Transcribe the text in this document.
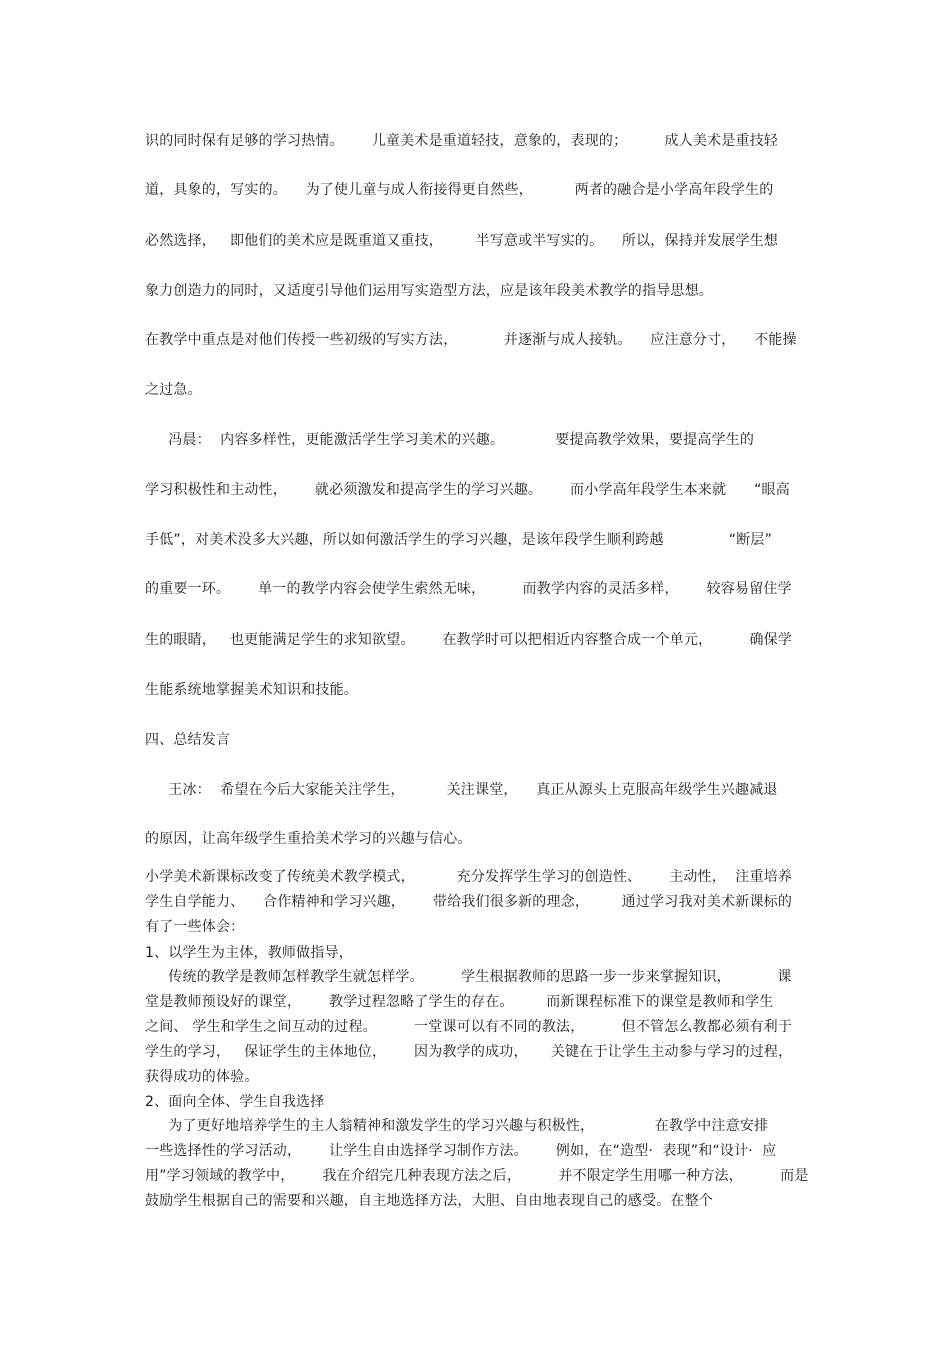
识的同时保有足够的学习热情。      儿童美术是重道轻技，意象的，表现的；        成人美术是重技轻
道，具象的，写实的。    为了使儿童与成人衔接得更自然些，         两者的融合是小学高年段学生的
必然选择，   即他们的美术应是既重道又重技，       半写意或半写实的。    所以，保持并发展学生想
象力创造力的同时，又适度引导他们运用写实造型方法，应是该年段美术教学的指导思想。
在教学中重点是对他们传授一些初级的写实方法，          并逐渐与成人接轨。    应注意分寸，    不能操
之过急。
冯晨：  内容多样性，更能激活学生学习美术的兴趣。           要提高教学效果，要提高学生的
学习积极性和主动性，      就必须激发和提高学生的学习兴趣。      而小学高年段学生本来就      “眼高
手低”，对美术没多大兴趣，所以如何激活学生的学习兴趣，是该年段学生顺利跨越              “断层”
的重要一环。      单一的教学内容会使学生索然无味，        而教学内容的灵活多样，      较容易留住学
生的眼睛，   也更能满足学生的求知欲望。      在教学时可以把相近内容整合成一个单元，        确保学
生能系统地掌握美术知识和技能。
四、总结发言
王冰：  希望在今后大家能关注学生，         关注课堂，    真正从源头上克服高年级学生兴趣减退
的原因，让高年级学生重拾美术学习的兴趣与信心。
小学美术新课标改变了传统美术教学模式，         充分发挥学生学习的创造性、      主动性，  注重培养
学生自学能力、    合作精神和学习兴趣，      带给我们很多新的理念，       通过学习我对美术新课标的
有了一些体会：
1、以学生为主体，教师做指导，
传统的教学是教师怎样教学生就怎样学。        学生根据教师的思路一步一步来掌握知识，          课
堂是教师预设好的课堂，      教学过程忽略了学生的存在。       而新课程标准下的课堂是教师和学生
之间、 学生和学生之间互动的过程。        一堂课可以有不同的教法，        但不管怎么教都必须有利于
学生的学习，   保证学生的主体地位，      因为教学的成功，     关键在于让学生主动参与学习的过程，
获得成功的体验。
2、面向全体、学生自我选择
为了更好地培养学生的主人翁精神和激发学生的学习兴趣与积极性，             在教学中注意安排
一些选择性的学习活动，      让学生自由选择学习制作方法。      例如，在“造型·  表现”和“设计·  应
用”学习领域的教学中，      我在介绍完几种表现方法之后，        并不限定学生用哪一种方法，        而是
鼓励学生根据自己的需要和兴趣，自主地选择方法，大胆、自由地表现自己的感受。在整个
